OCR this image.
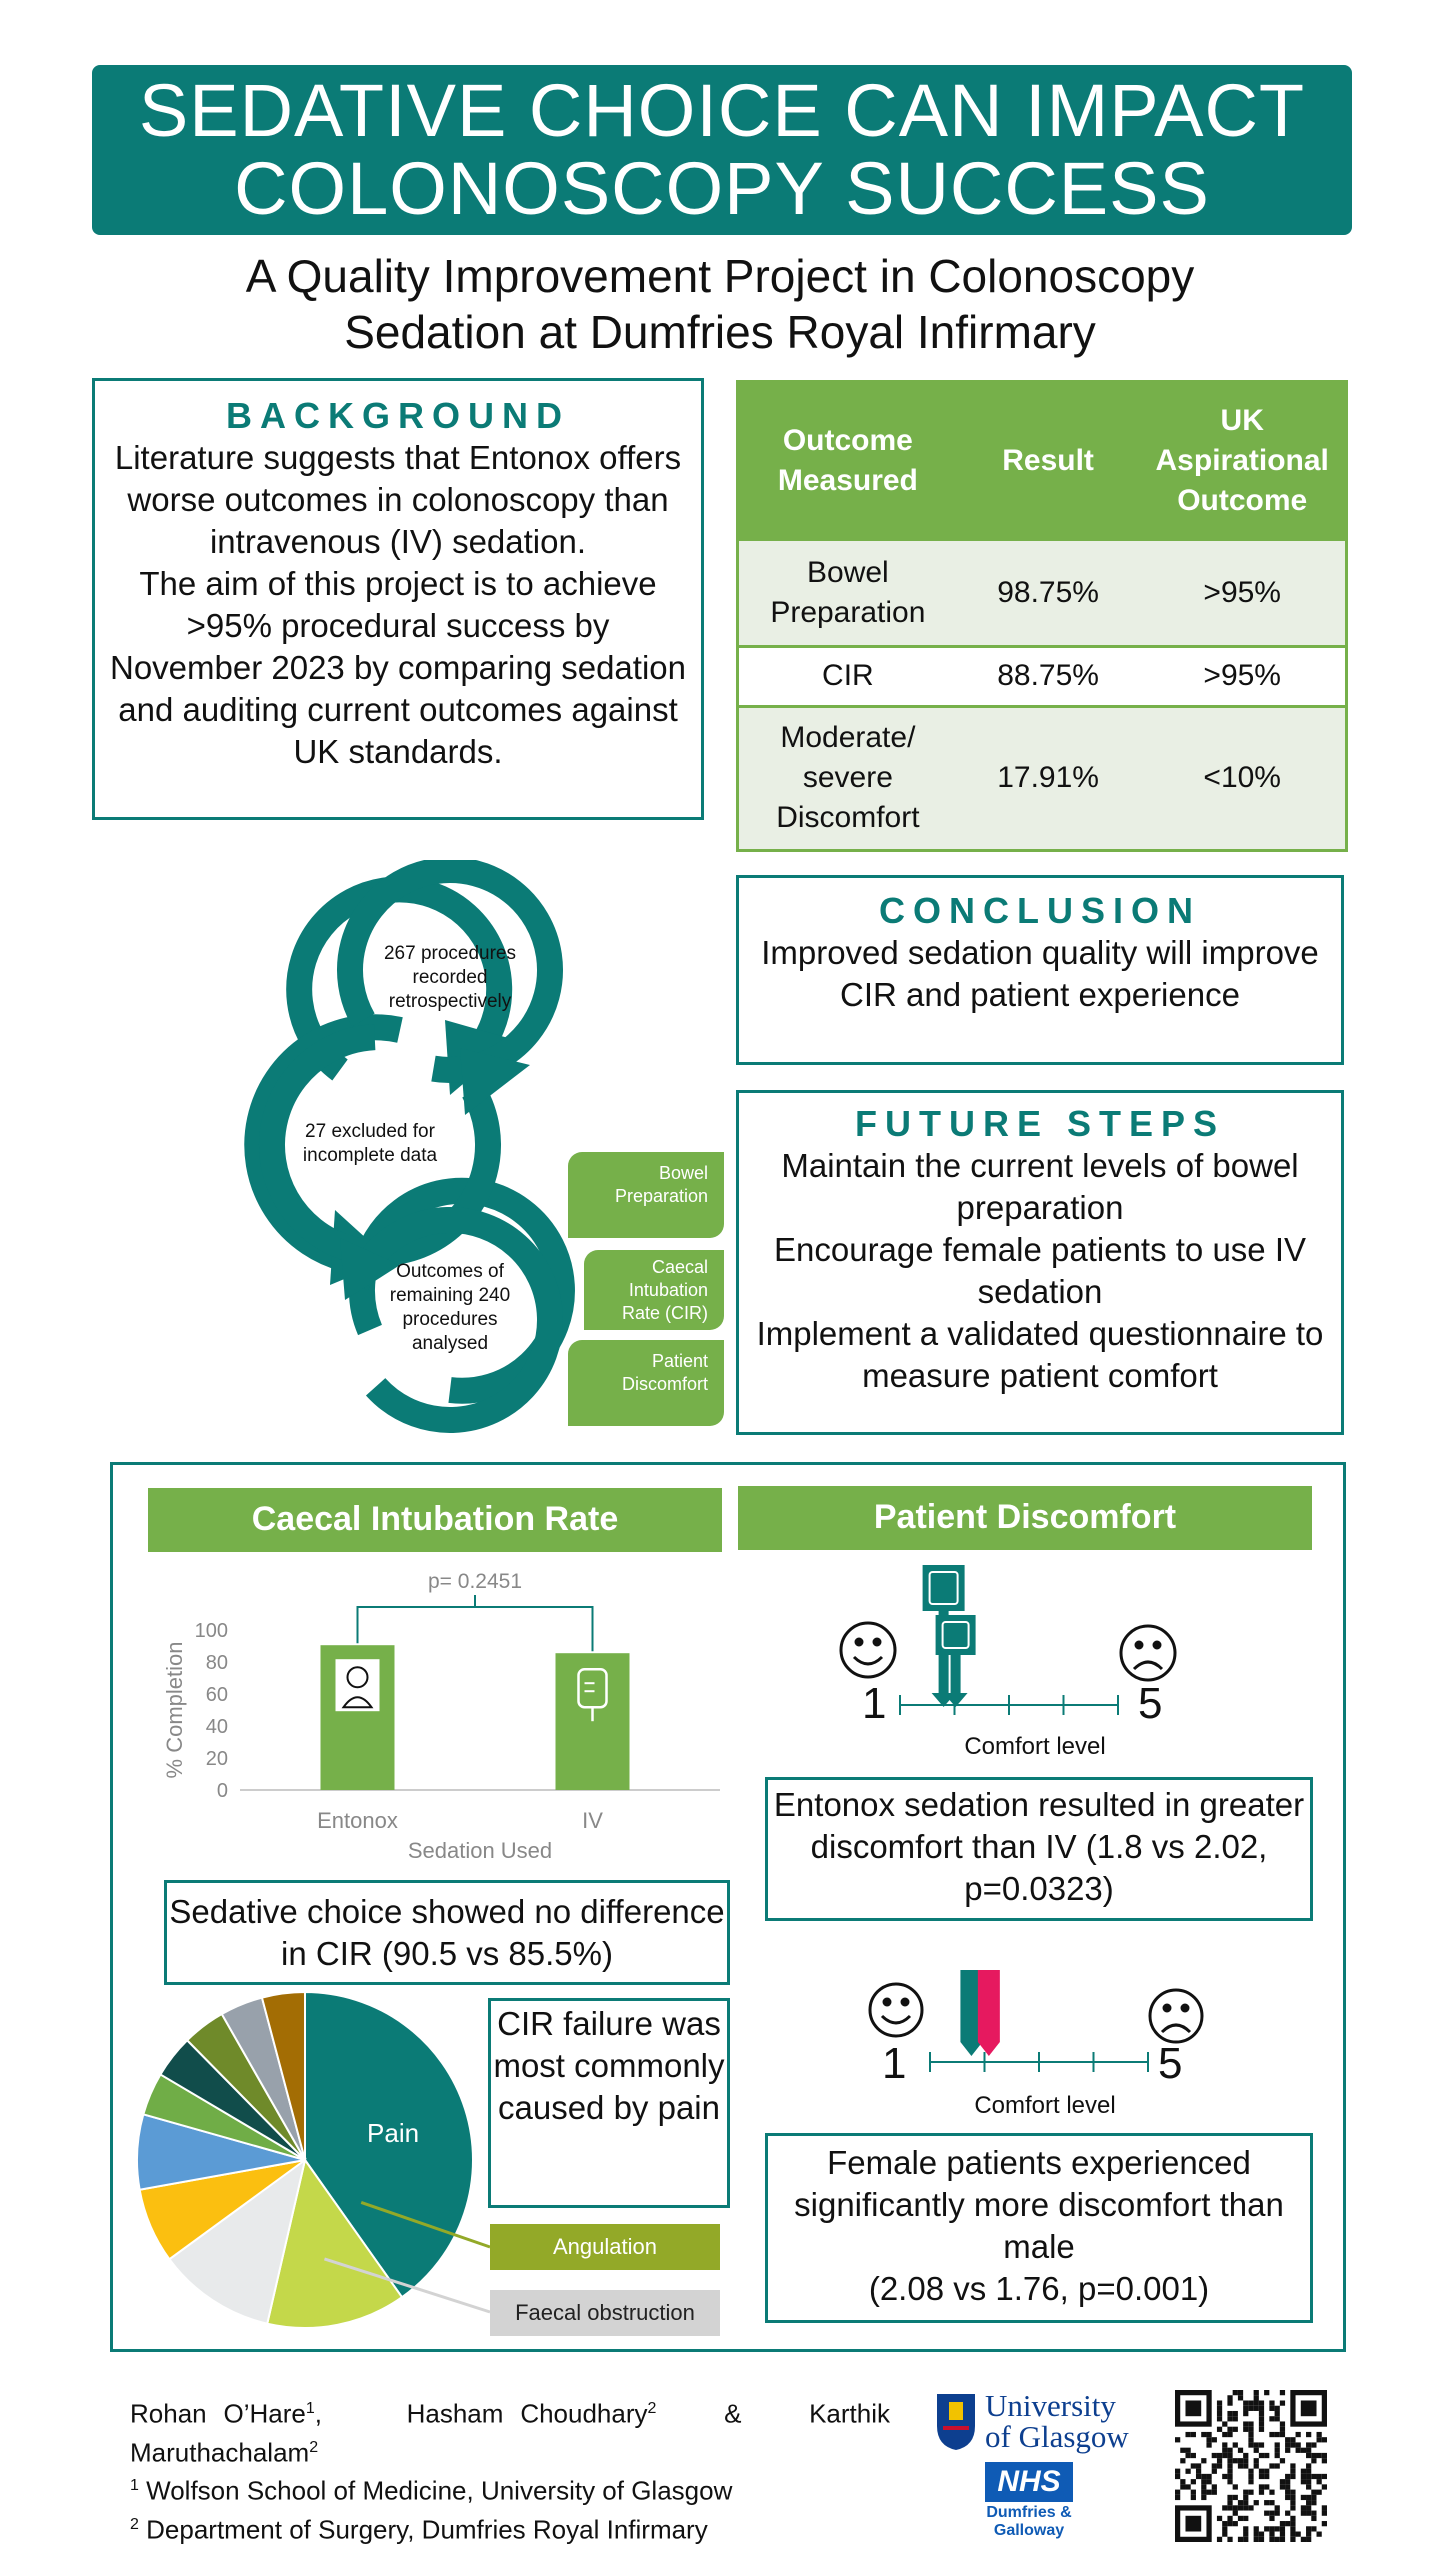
SEDATIVE CHOICE CAN IMPACT
COLONOSCOPY SUCCESS
A Quality Improvement Project in Colonoscopy
Sedation at Dumfries Royal Infirmary
BACKGROUND
Literature suggests that Entonox offers worse outcomes in colonoscopy than intravenous (IV) sedation.
The aim of this project is to achieve >95% procedural success by November 2023 by comparing sedation and auditing current outcomes against UK standards.
Outcome Measured	Result	UK Aspirational Outcome
Bowel Preparation	98.75%	>95%
CIR	88.75%	>95%
Moderate/ severe Discomfort	17.91%	<10%
267 procedures recorded retrospectively
27 excluded for incomplete data
Outcomes of remaining 240 procedures analysed
Bowel Preparation
Caecal Intubation Rate (CIR)
Patient Discomfort
CONCLUSION
Improved sedation quality will improve CIR and patient experience
FUTURE STEPS
Maintain the current levels of bowel preparation
Encourage female patients to use IV sedation
Implement a validated questionnaire to measure patient comfort
Caecal Intubation Rate	Patient Discomfort
0
20
40
60
80
100
% Completion
Entonox	IV
p= 0.2451
Sedation Used
Sedative choice showed no difference in CIR (90.5 vs 85.5%)
Pain
CIR failure was most commonly caused by pain
Angulation
Faecal obstruction
1	5
Comfort level
Entonox sedation resulted in greater discomfort than IV (1.8 vs 2.02, p=0.0323)
1	5
Comfort level
Female patients experienced significantly more discomfort than male
(2.08 vs 1.76, p=0.001)
Rohan O’Hare$^1$,     Hasham Choudhary$^2$	&	Karthik Maruthachalam$^2$
$^1$ Wolfson School of Medicine, University of Glasgow
$^2$ Department of Surgery, Dumfries Royal Infirmary
University of Glasgow
NHS
Dumfries & Galloway
